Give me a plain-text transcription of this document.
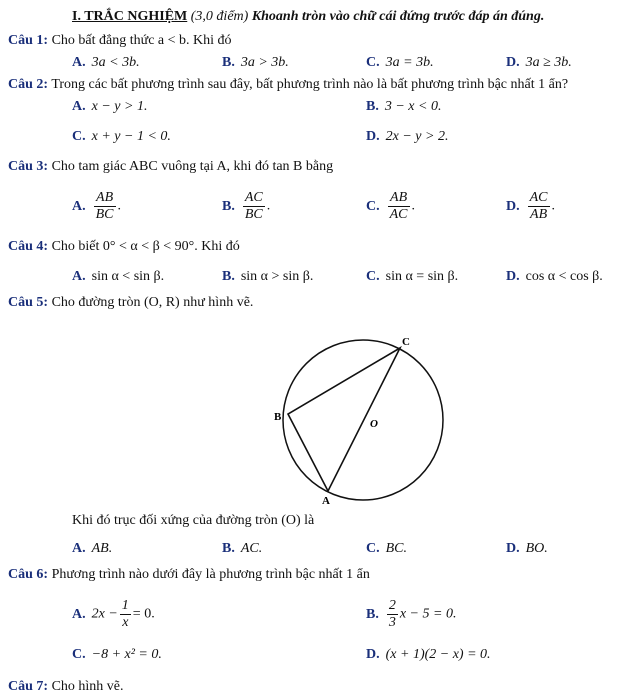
I. TRẮC NGHIỆM (3,0 điểm) Khoanh tròn vào chữ cái đứng trước đáp án đúng.
Câu 1: Cho bất đẳng thức a < b. Khi đó
A. 3a < 3b.	B. 3a > 3b.	C. 3a = 3b.	D. 3a ≥ 3b.
Câu 2: Trong các bất phương trình sau đây, bất phương trình nào là bất phương trình bậc nhất 1 ẩn?
A. x − y > 1.	B. 3 − x < 0.
C. x + y − 1 < 0.	D. 2x − y > 2.
Câu 3: Cho tam giác ABC vuông tại A, khi đó tan B bằng
A. $\frac{AB}{BC}$ .	B. $\frac{AC}{BC}$ .	C. $\frac{AB}{AC}$ .	D. $\frac{AC}{AB}$ .
Câu 4: Cho biết 0° < α < β < 90°. Khi đó
A. sin α < sin β.	B. sin α > sin β.	C. sin α = sin β.	D. cos α < cos β.
Câu 5: Cho đường tròn (O, R) như hình vẽ.
C
B
A
O
Khi đó trục đối xứng của đường tròn (O) là
A. AB.	B. AC.	C. BC.	D. BO.
Câu 6: Phương trình nào dưới đây là phương trình bậc nhất 1 ẩn
A. $2x - \frac{1}{x} = 0$.	B. $\frac{2}{3}$ x − 5 = 0.
C. −8 + x² = 0.	D. (x + 1)(2 − x) = 0.
Câu 7: Cho hình vẽ.
